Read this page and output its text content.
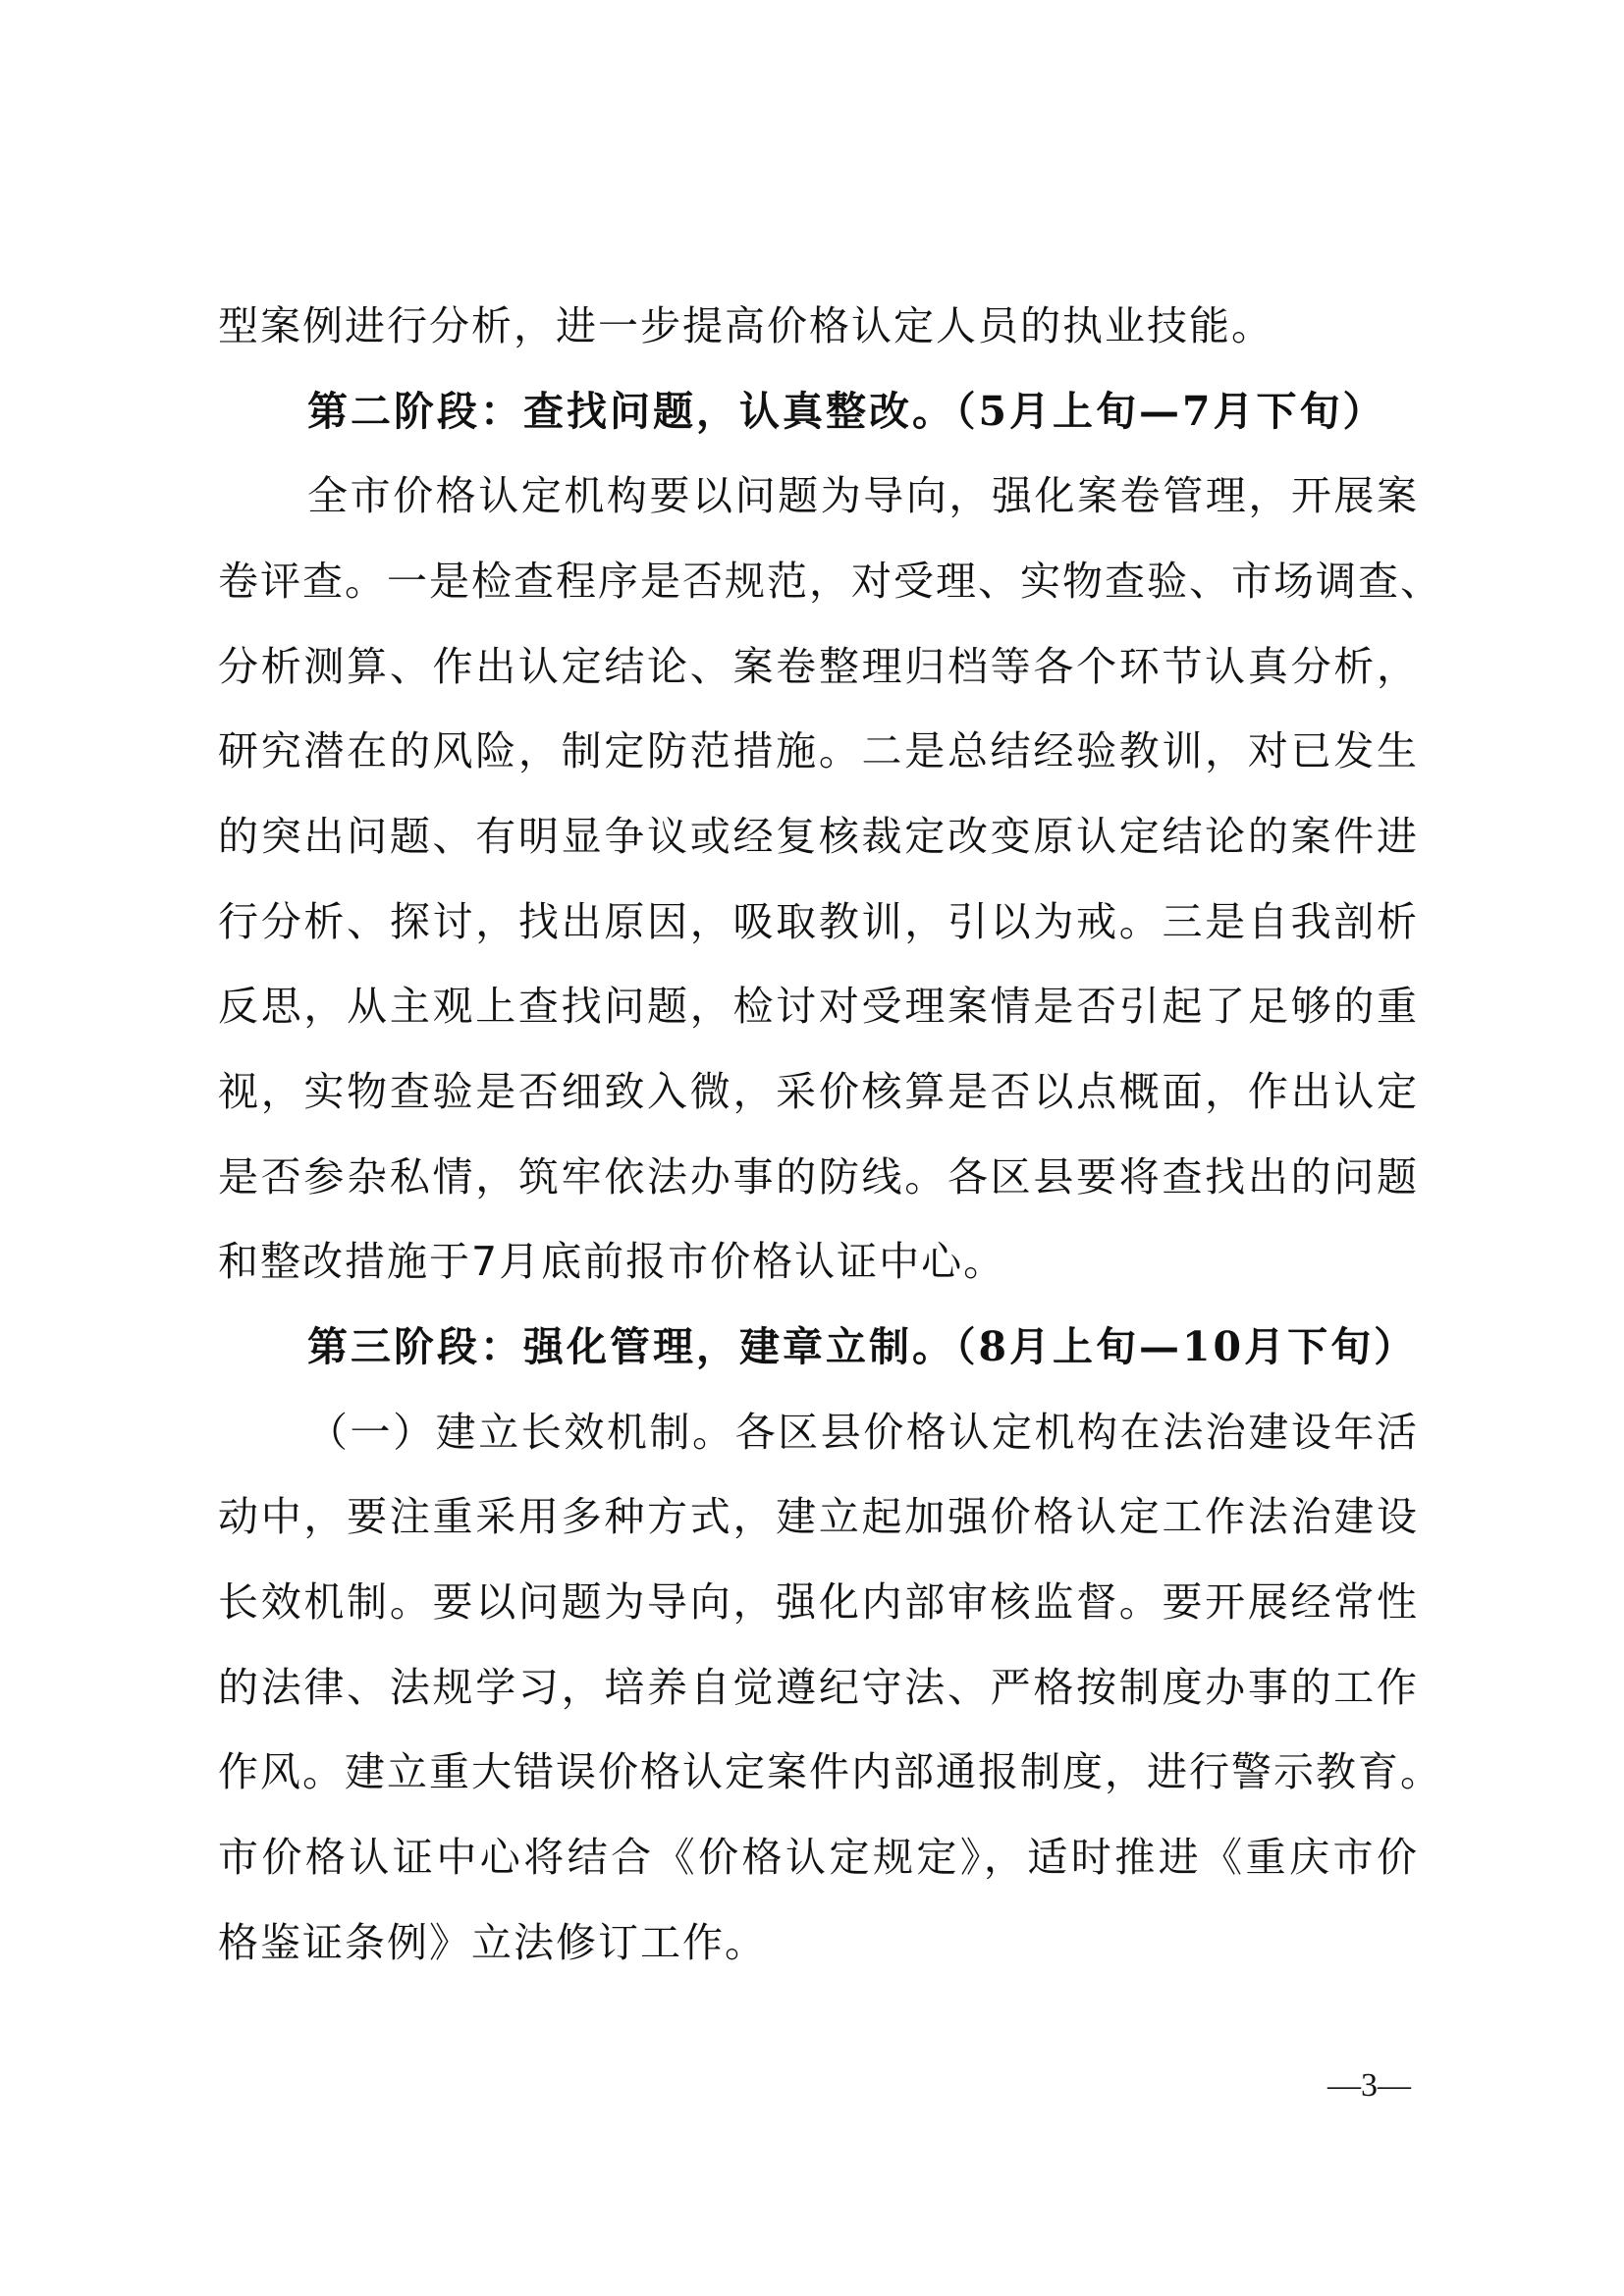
型案例进行分析，进一步提高价格认定人员的执业技能。
第二阶段：查找问题，认真整改。（5月上旬—7月下旬）
全市价格认定机构要以问题为导向，强化案卷管理，开展案
卷评查。一是检查程序是否规范，对受理、实物查验、市场调查、
分析测算、作出认定结论、案卷整理归档等各个环节认真分析，
研究潜在的风险，制定防范措施。二是总结经验教训，对已发生
的突出问题、有明显争议或经复核裁定改变原认定结论的案件进
行分析、探讨，找出原因，吸取教训，引以为戒。三是自我剖析
反思，从主观上查找问题，检讨对受理案情是否引起了足够的重
视，实物查验是否细致入微，采价核算是否以点概面，作出认定
是否参杂私情，筑牢依法办事的防线。各区县要将查找出的问题
和整改措施于7月底前报市价格认证中心。
第三阶段：强化管理，建章立制。（8月上旬—10月下旬）
（一）建立长效机制。各区县价格认定机构在法治建设年活
动中，要注重采用多种方式，建立起加强价格认定工作法治建设
长效机制。要以问题为导向，强化内部审核监督。要开展经常性
的法律、法规学习，培养自觉遵纪守法、严格按制度办事的工作
作风。建立重大错误价格认定案件内部通报制度，进行警示教育。
市价格认证中心将结合《价格认定规定》，适时推进《重庆市价
格鉴证条例》立法修订工作。
—3—
